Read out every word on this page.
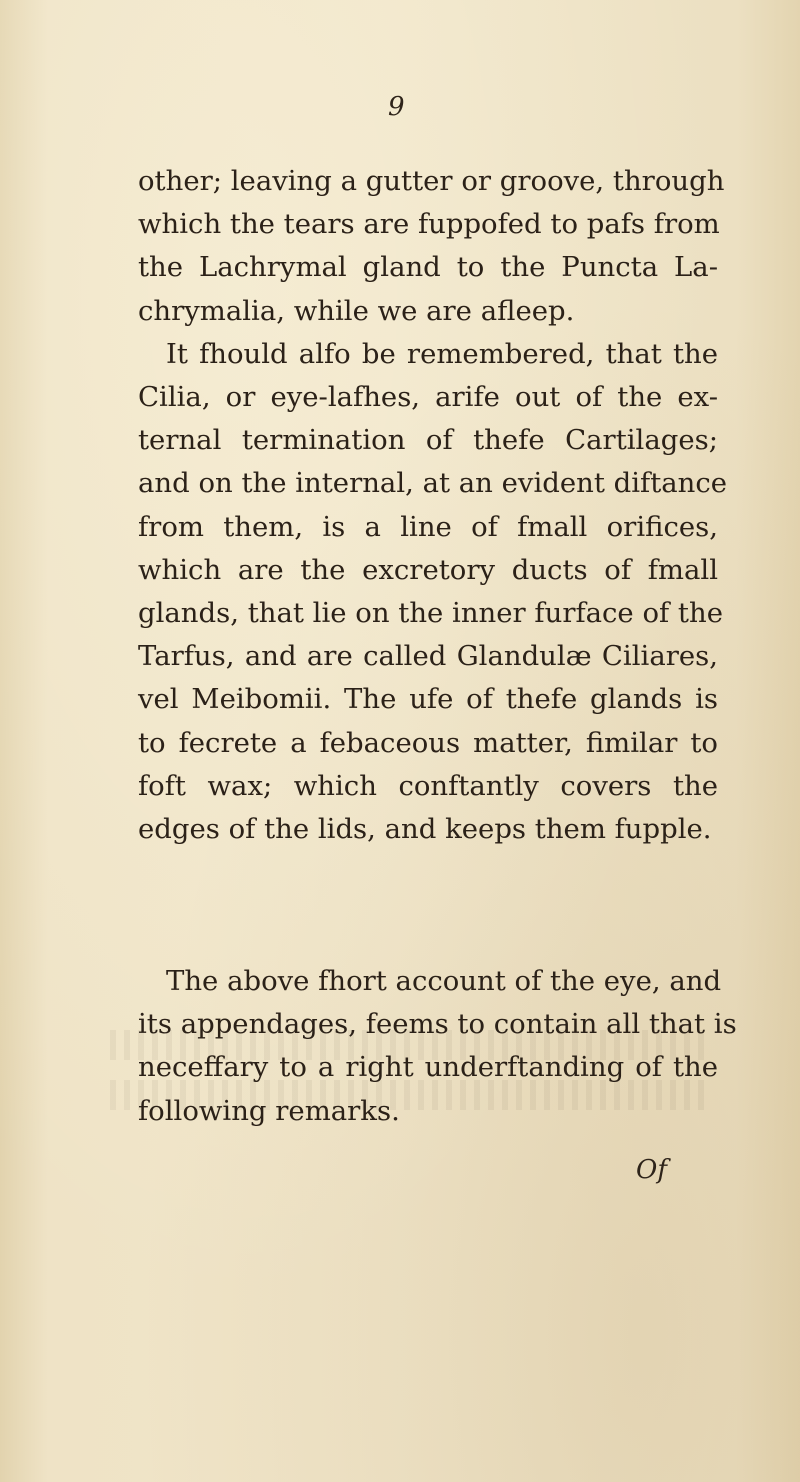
9
other; leaving a gutter or groove, through
which the tears are fuppofed to pafs from
the Lachrymal gland to the Puncta La-
chrymalia, while we are afleep.
It fhould alfo be remembered, that the
Cilia, or eye-lafhes, arife out of the ex-
ternal termination of thefe Cartilages;
and on the internal, at an evident diftance
from them, is a line of fmall orifices,
which are the excretory ducts of fmall
glands, that lie on the inner furface of the
Tarfus, and are called Glandulæ Ciliares,
vel Meibomii. The ufe of thefe glands is
to fecrete a febaceous matter, fimilar to
foft wax; which conftantly covers the
edges of the lids, and keeps them fupple.
The above fhort account of the eye, and
its appendages, feems to contain all that is
neceffary to a right underftanding of the
following remarks.
Of
